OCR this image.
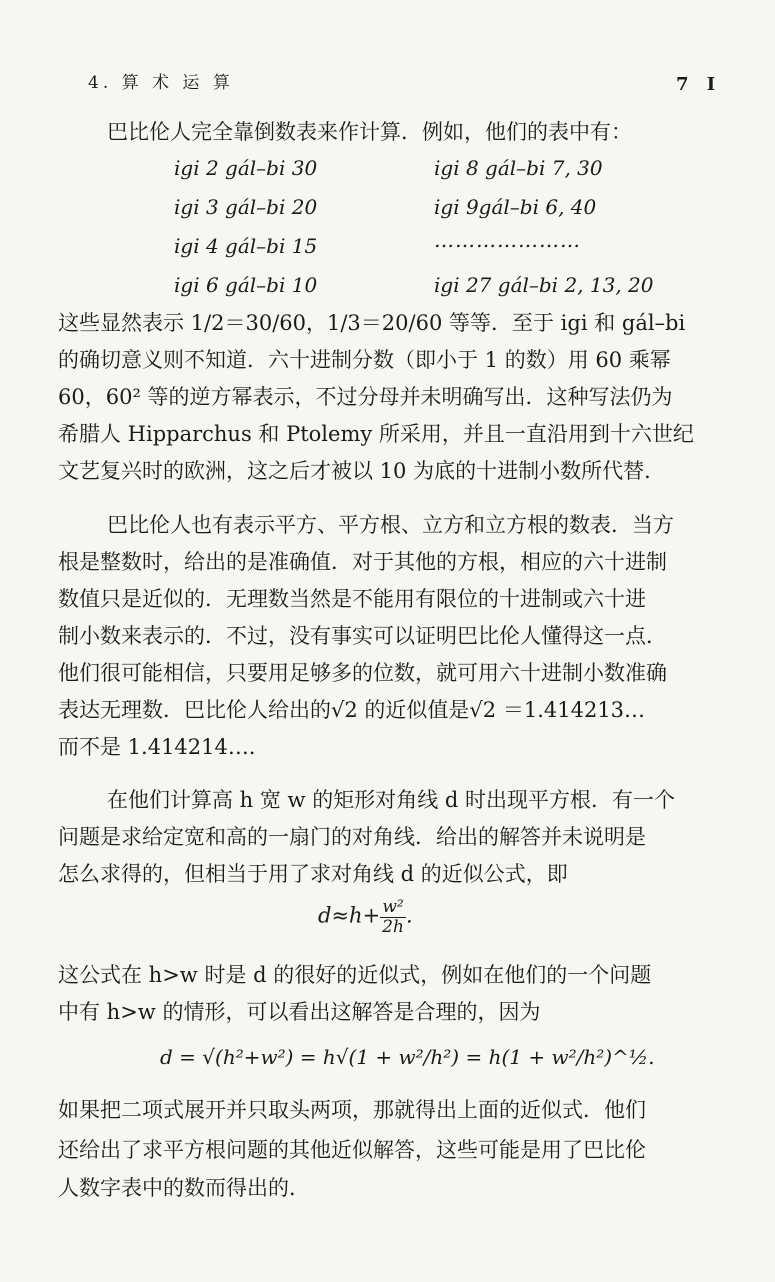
4. 算 术 运 算	7 I
巴比伦人完全靠倒数表来作计算．例如，他们的表中有：
igi 2 gál–bi 30
igi 3 gál–bi 20
igi 4 gál–bi 15
igi 6 gál–bi 10
igi 8 gál–bi 7, 30
igi 9gál–bi 6, 40
…………………
igi 27 gál–bi 2, 13, 20
这些显然表示 1/2＝30/60，1/3＝20/60 等等．至于 igi 和 gál–bi
的确切意义则不知道．六十进制分数（即小于 1 的数）用 60 乘幂
60，60² 等的逆方幂表示，不过分母并未明确写出．这种写法仍为
希腊人 Hipparchus 和 Ptolemy 所采用，并且一直沿用到十六世纪
文艺复兴时的欧洲，这之后才被以 10 为底的十进制小数所代替．
巴比伦人也有表示平方、平方根、立方和立方根的数表．当方
根是整数时，给出的是准确值．对于其他的方根，相应的六十进制
数值只是近似的．无理数当然是不能用有限位的十进制或六十进
制小数来表示的．不过，没有事实可以证明巴比伦人懂得这一点．
他们很可能相信，只要用足够多的位数，就可用六十进制小数准确
表达无理数．巴比伦人给出的√2 的近似值是√2 ＝1.414213…
而不是 1.414214…．
在他们计算高 h 宽 w 的矩形对角线 d 时出现平方根．有一个
问题是求给定宽和高的一扇门的对角线．给出的解答并未说明是
怎么求得的，但相当于用了求对角线 d 的近似公式，即
$d\approx h+ \frac{\text{w²}}{2h}$ .
这公式在 h>w 时是 d 的很好的近似式，例如在他们的一个问题
中有 h>w 的情形，可以看出这解答是合理的，因为
d = √(h²+w²) = h√(1 + w²/h²) = h(1 + w²/h²)^½.
如果把二项式展开并只取头两项，那就得出上面的近似式．他们
还给出了求平方根问题的其他近似解答，这些可能是用了巴比伦
人数字表中的数而得出的．
